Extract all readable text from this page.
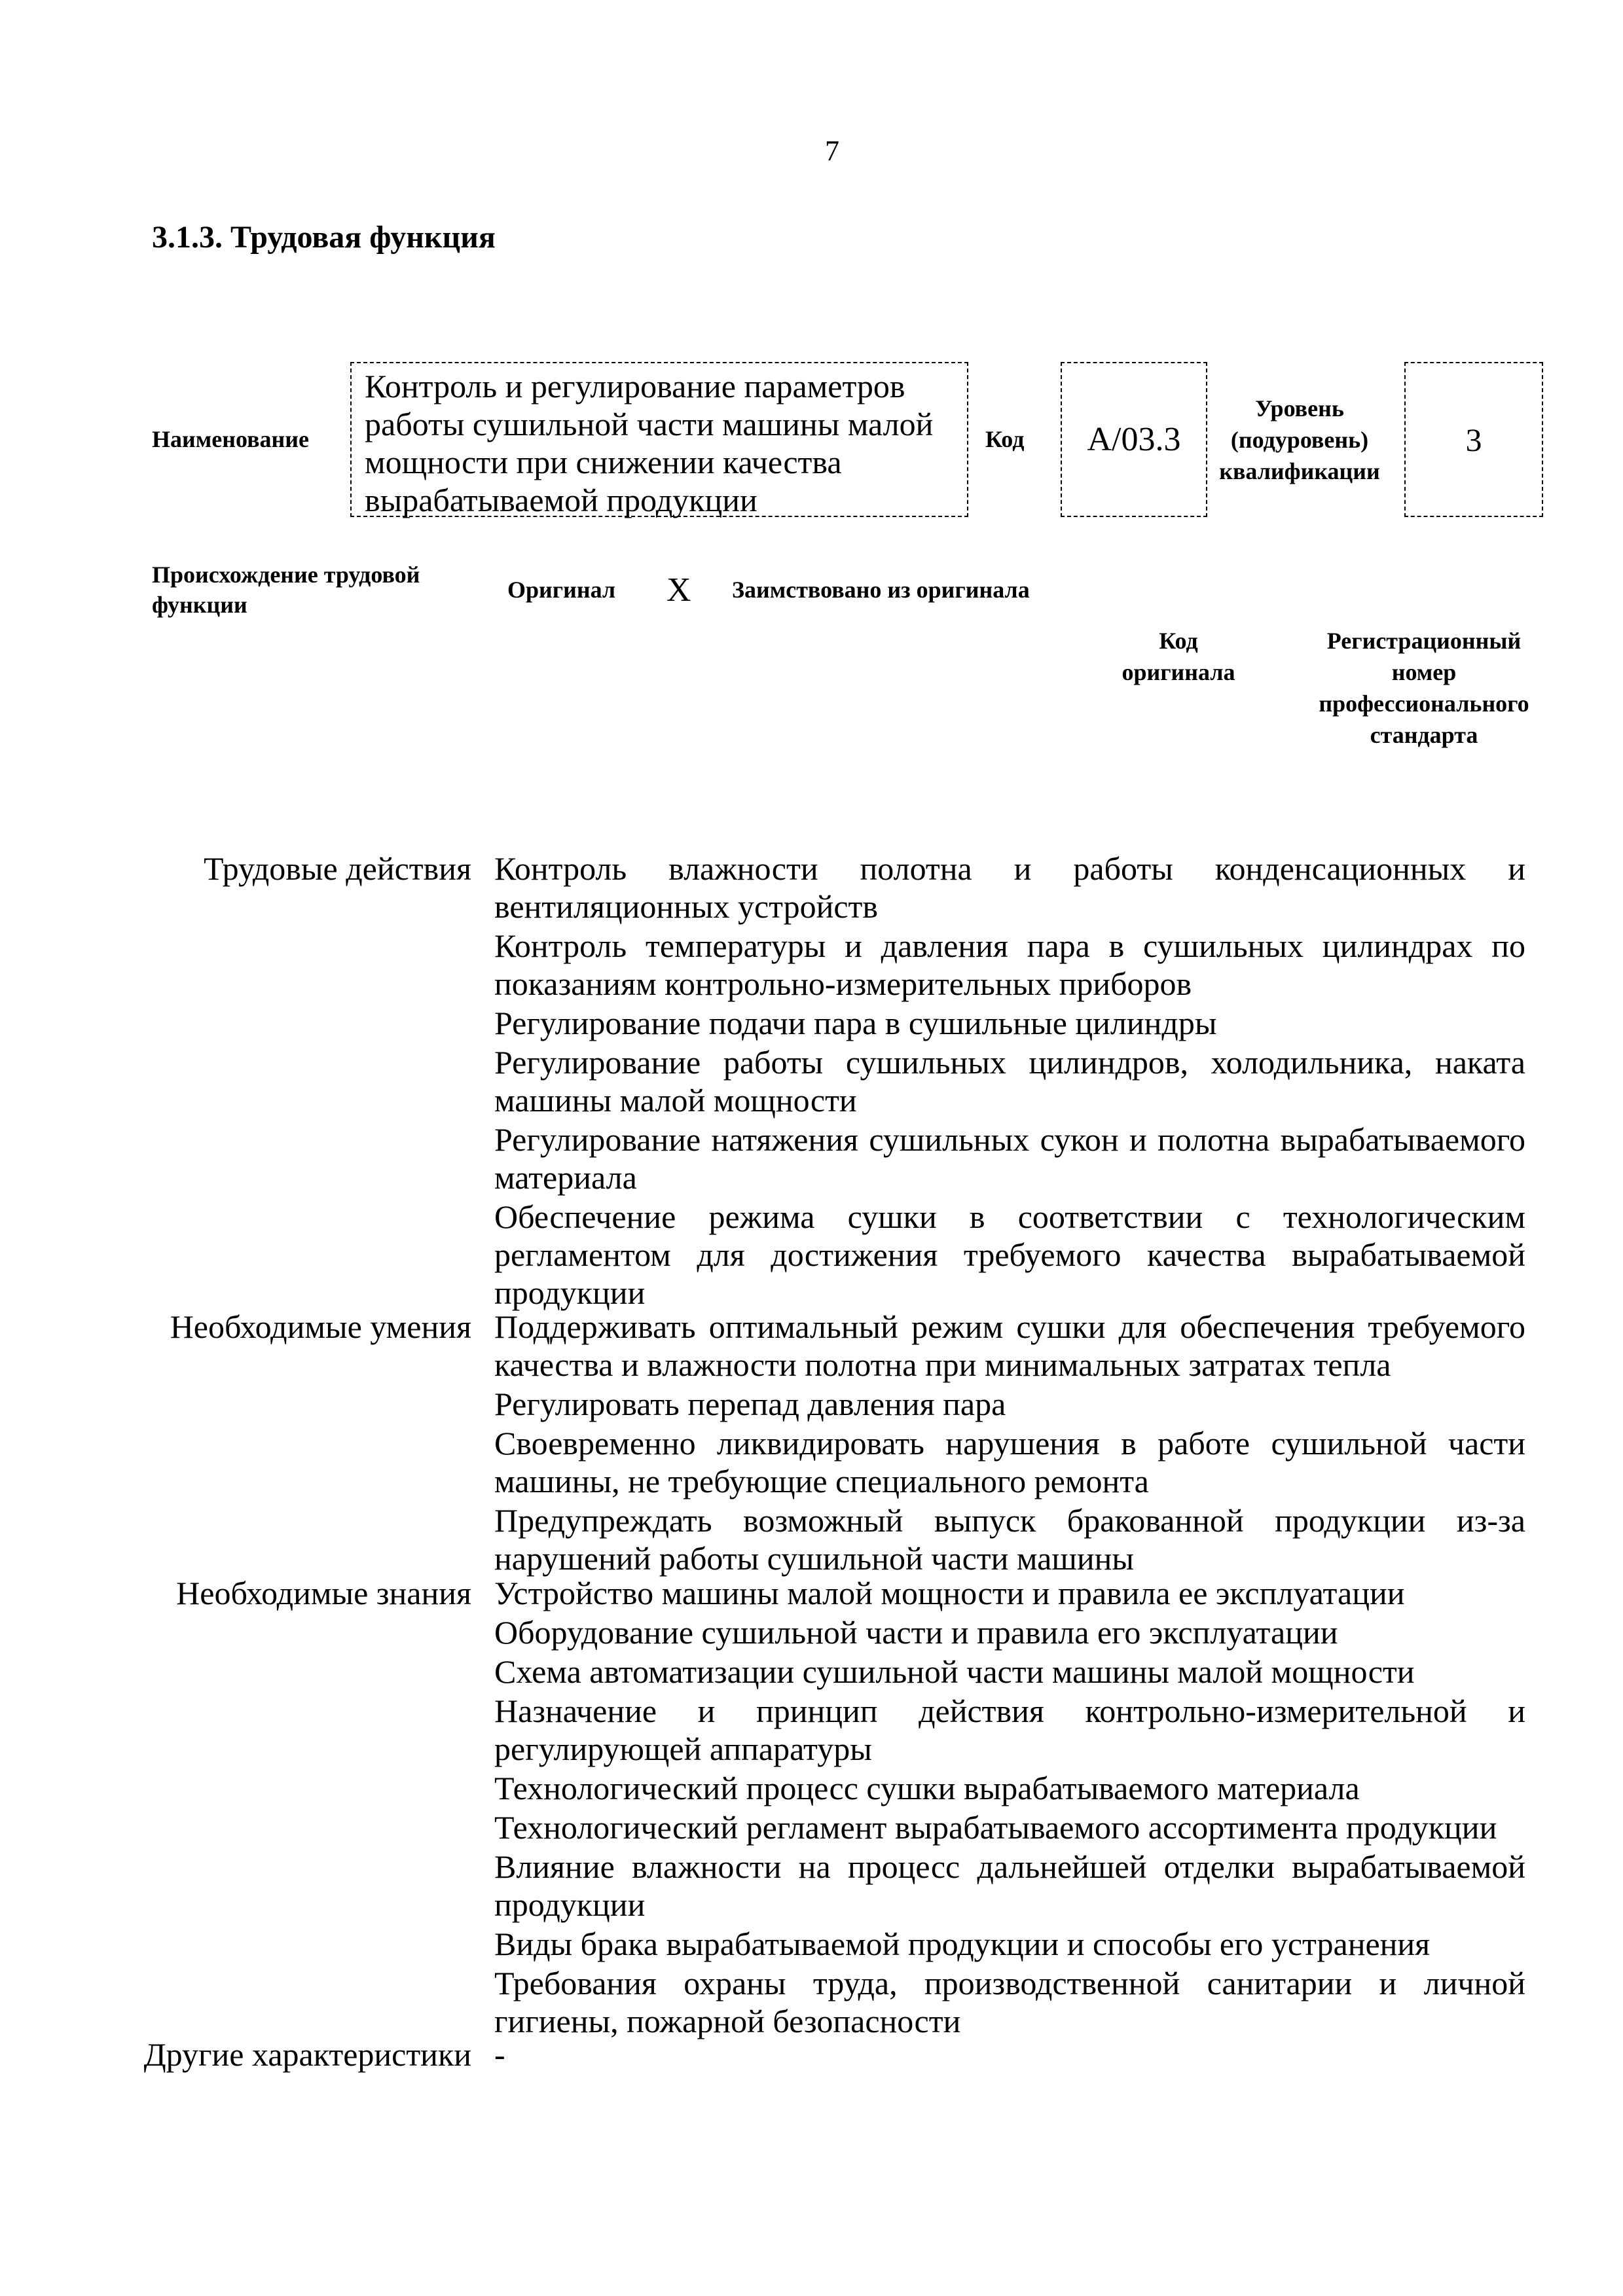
7
3.1.3. Трудовая функция
Наименование
Контроль и регулирование параметров работы сушильной части машины малой мощности при снижении качества вырабатываемой продукции
Код	A/03.3
Уровень (подуровень) квалификации
3
Происхождение трудовой функции
Оригинал X Заимствовано из оригинала
Код оригинала
Регистрационный номер профессионального стандарта
Трудовые действия Контроль влажности полотна и работы конденсационных и вентиляционных устройств
Контроль температуры и давления пара в сушильных цилиндрах по показаниям контрольно-измерительных приборов
Регулирование подачи пара в сушильные цилиндры
Регулирование работы сушильных цилиндров, холодильника, наката машины малой мощности
Регулирование натяжения сушильных сукон и полотна вырабатываемого материала
Обеспечение режима сушки в соответствии с технологическим регламентом для достижения требуемого качества вырабатываемой продукции
Необходимые умения Поддерживать оптимальный режим сушки для обеспечения требуемого качества и влажности полотна при минимальных затратах тепла
Регулировать перепад давления пара
Своевременно ликвидировать нарушения в работе сушильной части машины, не требующие специального ремонта
Предупреждать возможный выпуск бракованной продукции из-за нарушений работы сушильной части машины
Необходимые знания Устройство машины малой мощности и правила ее эксплуатации
Оборудование сушильной части и правила его эксплуатации
Схема автоматизации сушильной части машины малой мощности
Назначение и принцип действия контрольно-измерительной и регулирующей аппаратуры
Технологический процесс сушки вырабатываемого материала
Технологический регламент вырабатываемого ассортимента продукции
Влияние влажности на процесс дальнейшей отделки вырабатываемой продукции
Виды брака вырабатываемой продукции и способы его устранения
Требования охраны труда, производственной санитарии и личной гигиены, пожарной безопасности
Другие характеристики -
